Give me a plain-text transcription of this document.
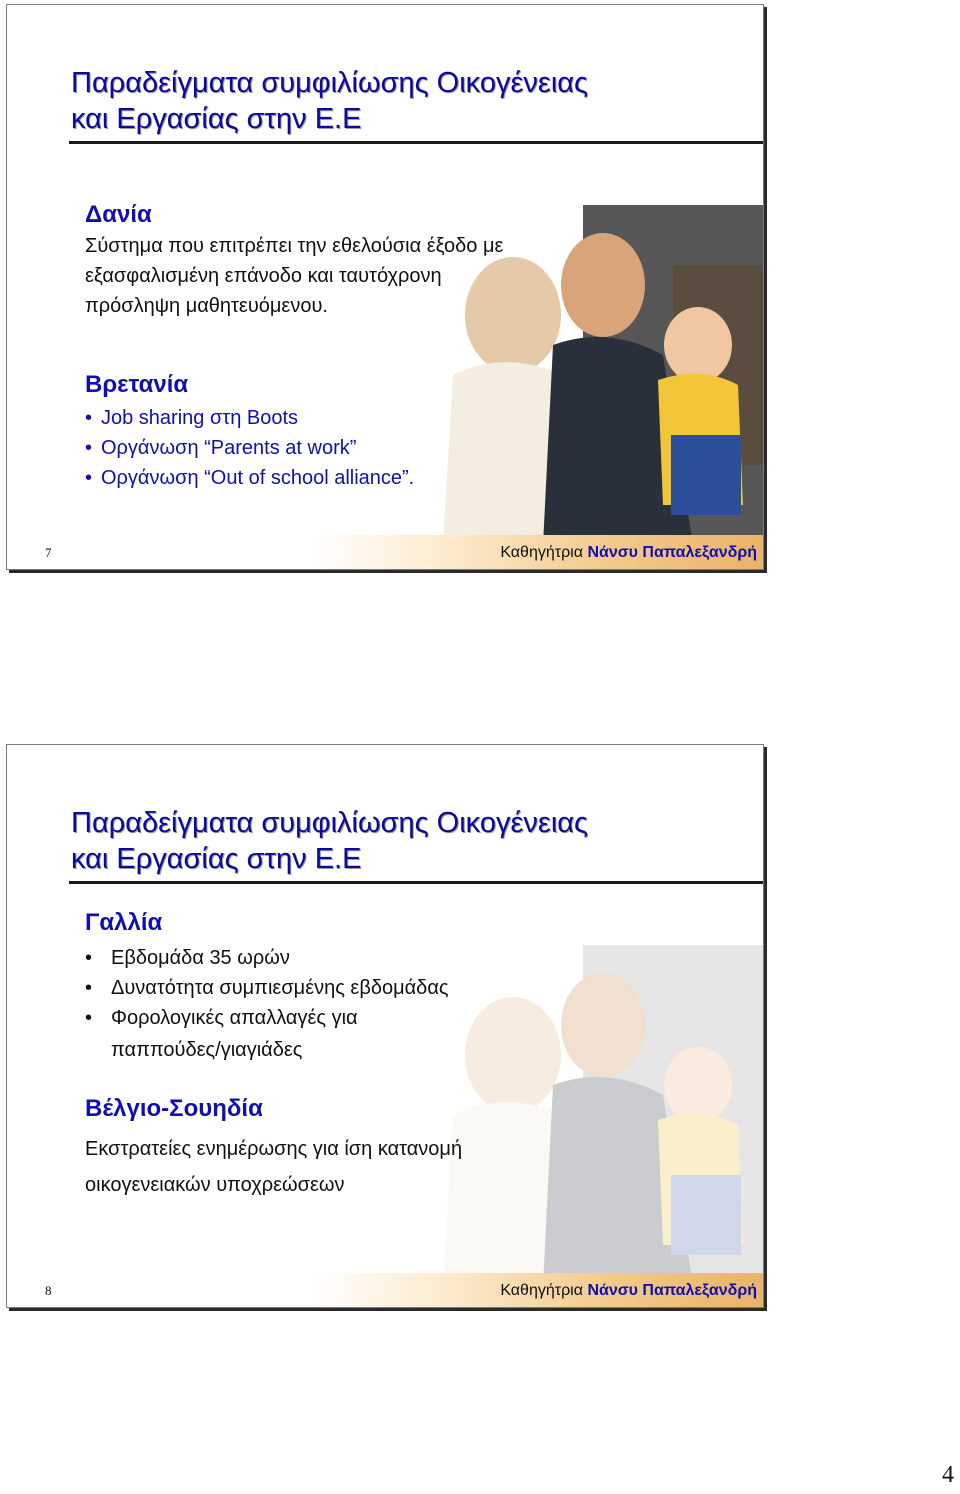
Παραδείγματα συμφιλίωσης Οικογένειας
και Εργασίας στην Ε.Ε
Δανία
Σύστημα που επιτρέπει την εθελούσια έξοδο με
εξασφαλισμένη επάνοδο και ταυτόχρονη
πρόσληψη μαθητευόμενου.
Βρετανία
• Job sharing στη Boots
• Οργάνωση “Parents at work”
• Οργάνωση “Out of school alliance”.
7	Καθηγήτρια Νάνσυ Παπαλεξανδρή
Παραδείγματα συμφιλίωσης Οικογένειας
και Εργασίας στην Ε.Ε
Γαλλία
• Εβδομάδα 35 ωρών
• Δυνατότητα συμπιεσμένης εβδομάδας
• Φορολογικές απαλλαγές για
παππούδες/γιαγιάδες
Βέλγιο-Σουηδία
Εκστρατείες ενημέρωσης για ίση κατανομή
οικογενειακών υποχρεώσεων
8	Καθηγήτρια Νάνσυ Παπαλεξανδρή
4
